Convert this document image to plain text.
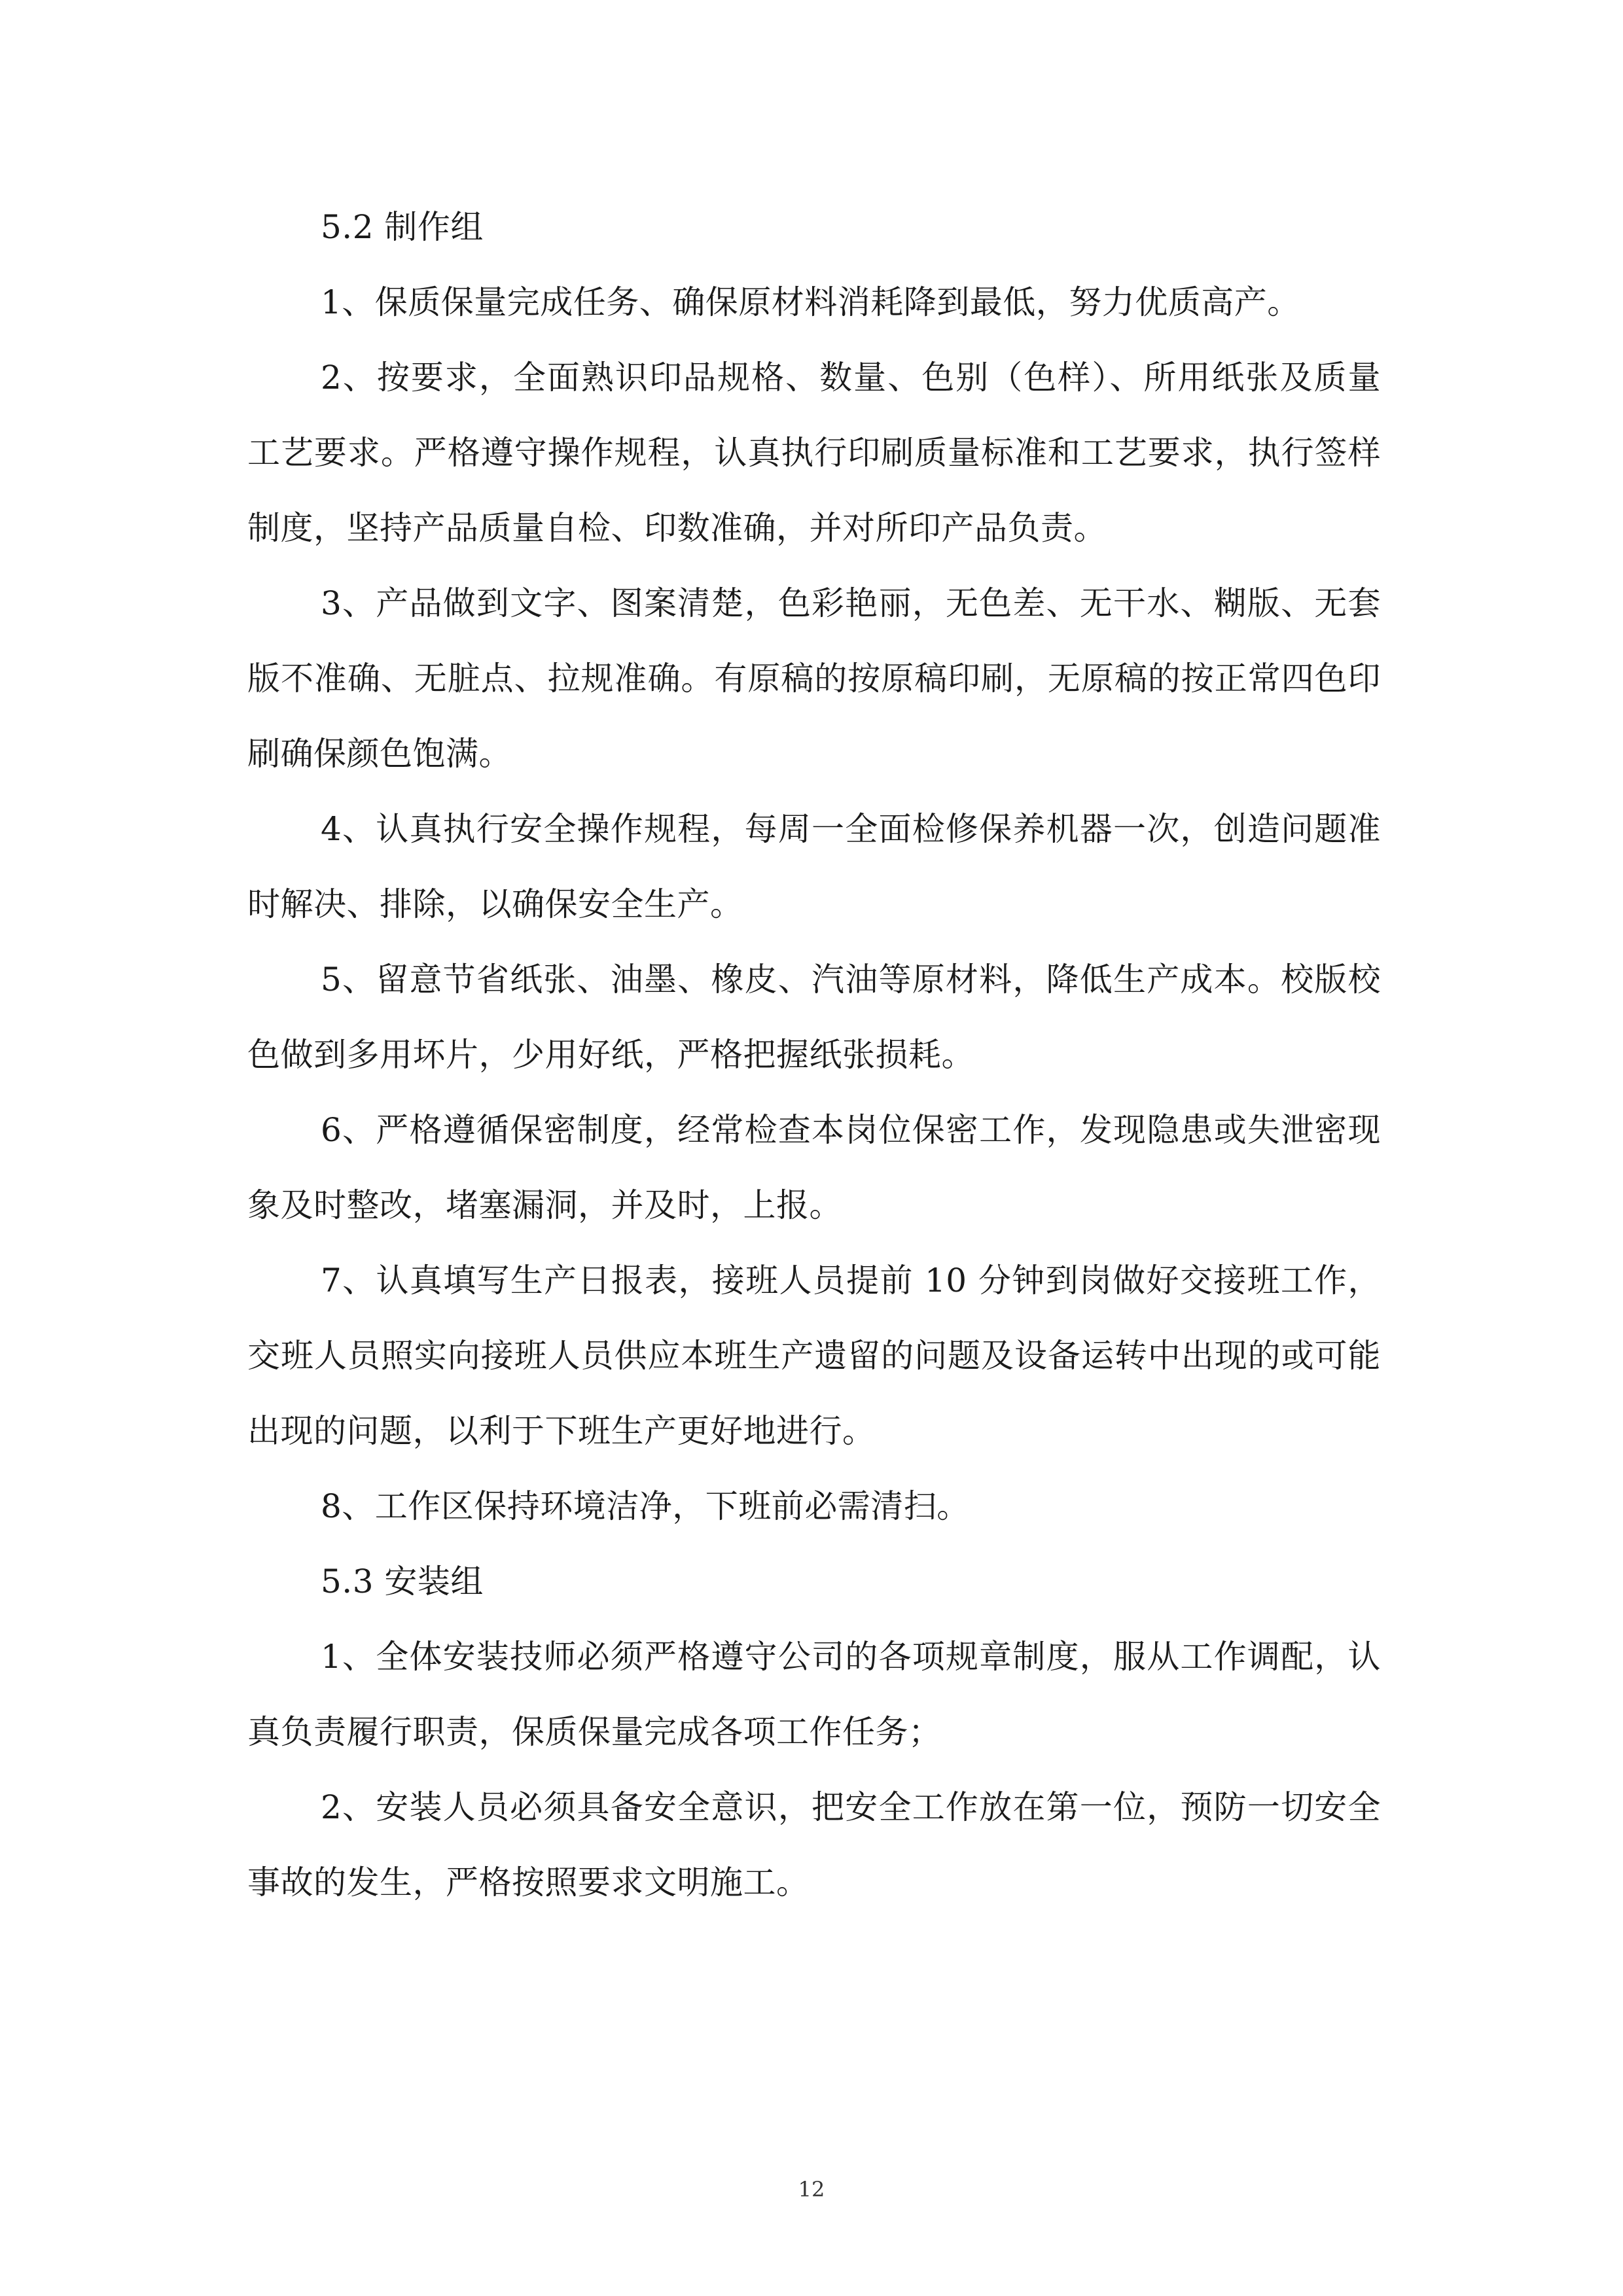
5.2 制作组

1、保质保量完成任务、确保原材料消耗降到最低，努力优质高产。

2、按要求，全面熟识印品规格、数量、色别（色样）、所用纸张及质量工艺要求。严格遵守操作规程，认真执行印刷质量标准和工艺要求，执行签样制度，坚持产品质量自检、印数准确，并对所印产品负责。

3、产品做到文字、图案清楚，色彩艳丽，无色差、无干水、糊版、无套版不准确、无脏点、拉规准确。有原稿的按原稿印刷，无原稿的按正常四色印刷确保颜色饱满。

4、认真执行安全操作规程，每周一全面检修保养机器一次，创造问题准时解决、排除，以确保安全生产。

5、留意节省纸张、油墨、橡皮、汽油等原材料，降低生产成本。校版校色做到多用坏片，少用好纸，严格把握纸张损耗。

6、严格遵循保密制度，经常检查本岗位保密工作，发现隐患或失泄密现象及时整改，堵塞漏洞，并及时，上报。

7、认真填写生产日报表，接班人员提前 10 分钟到岗做好交接班工作，交班人员照实向接班人员供应本班生产遗留的问题及设备运转中出现的或可能出现的问题，以利于下班生产更好地进行。

8、工作区保持环境洁净，下班前必需清扫。

5.3 安装组

1、全体安装技师必须严格遵守公司的各项规章制度，服从工作调配，认真负责履行职责，保质保量完成各项工作任务；

2、安装人员必须具备安全意识，把安全工作放在第一位，预防一切安全事故的发生，严格按照要求文明施工。

12
